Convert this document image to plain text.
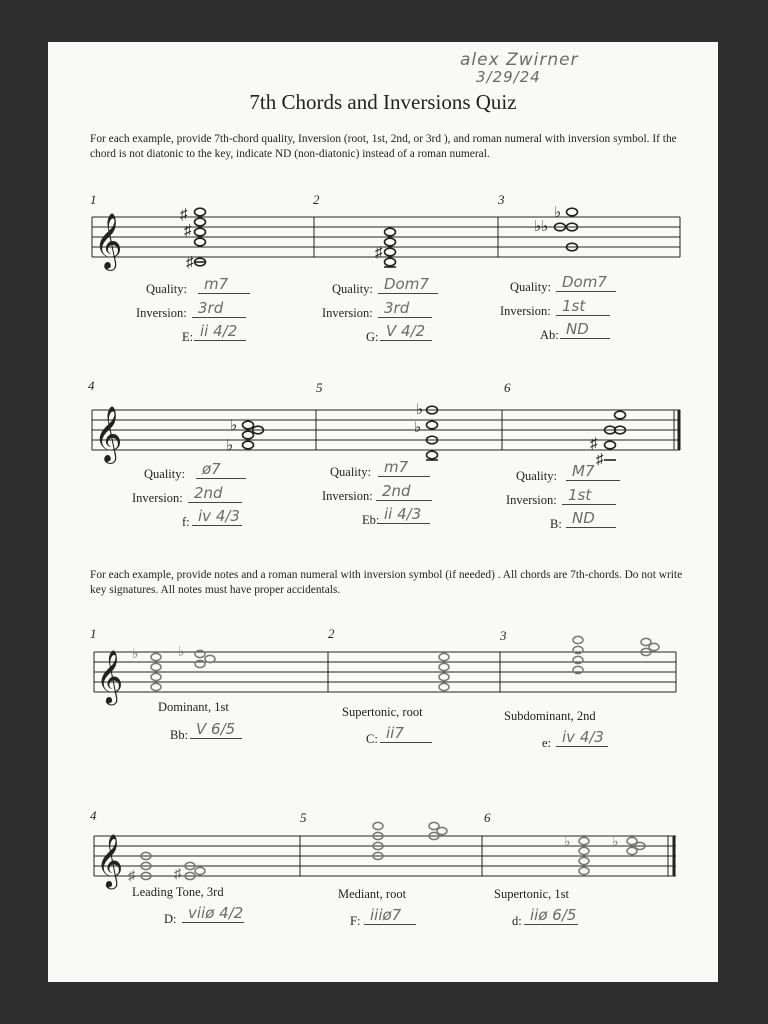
alex Zwirner
3/29/24
7th Chords and Inversions Quiz
For each example, provide 7th-chord quality, Inversion (root, 1st, 2nd, or 3rd ), and roman numeral with inversion symbol. If the chord is not diatonic to the key, indicate ND (non-diatonic) instead of a roman numeral.
1	2	3
𝄞	♯
♯
♯
♯
♭
♭♭
Quality:	m7
Inversion: 3rd
E: ii 4/2
Quality: Dom7
Inversion: 3rd
G: V 4/2
Quality: Dom7
Inversion: 1st
Ab: ND
4	5	6
𝄞	♭
♭
♭
♭
♯
♯
Quality:	ø7
Inversion: 2nd
f: iv 4/3
Quality: m7
Inversion: 2nd
Eb: ii 4/3
Quality:	M7
Inversion: 1st
B: ND
For each example, provide notes and a roman numeral with inversion symbol (if needed) . All chords are 7th-chords. Do not write key signatures. All notes must have proper accidentals.
1	2	3
𝄞 ♭	♭
Dominant, 1st
Bb: V 6/5
Supertonic, root
C: ii7
Subdominant, 2nd
e: iv 4/3
4	5	6
𝄞 ♯	♯
♭	♭
Leading Tone, 3rd
D: viiø 4/2
Mediant, root
F: iiiø7
Supertonic, 1st
d: iiø 6/5
